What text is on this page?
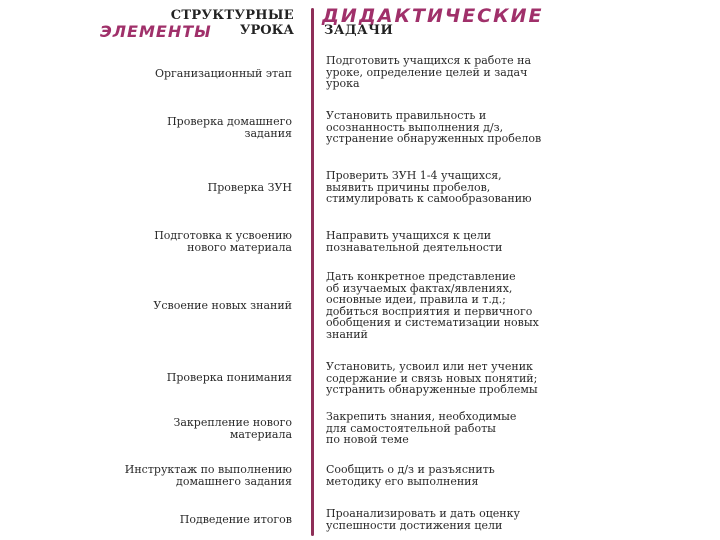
СТРУКТУРНЫЕ
ЭЛЕМЕНТЫ	УРОКА
ДИДАКТИЧЕСКИЕ
ЗАДАЧИ
Организационный этап
Подготовить учащихся к работе на
уроке, определение целей и задач
урока
Проверка домашнего
задания
Установить правильность и
осознанность выполнения д/з,
устранение обнаруженных пробелов
Проверка ЗУН
Проверить ЗУН 1-4 учащихся,
выявить причины пробелов,
стимулировать к самообразованию
Подготовка к усвоению
нового материала
Направить учащихся к цели
познавательной деятельности
Усвоение новых знаний
Дать конкретное представление
об изучаемых фактах/явлениях,
основные идеи, правила и т.д.;
добиться восприятия и первичного
обобщения и систематизации новых
знаний
Проверка понимания
Установить, усвоил или нет ученик
содержание и связь новых понятий;
устранить обнаруженные проблемы
Закрепление нового
материала
Закрепить знания, необходимые
для самостоятельной работы
по новой теме
Инструктаж по выполнению
домашнего задания
Сообщить о д/з и разъяснить
методику его выполнения
Подведение итогов	Проанализировать и дать оценку
успешности достижения цели
